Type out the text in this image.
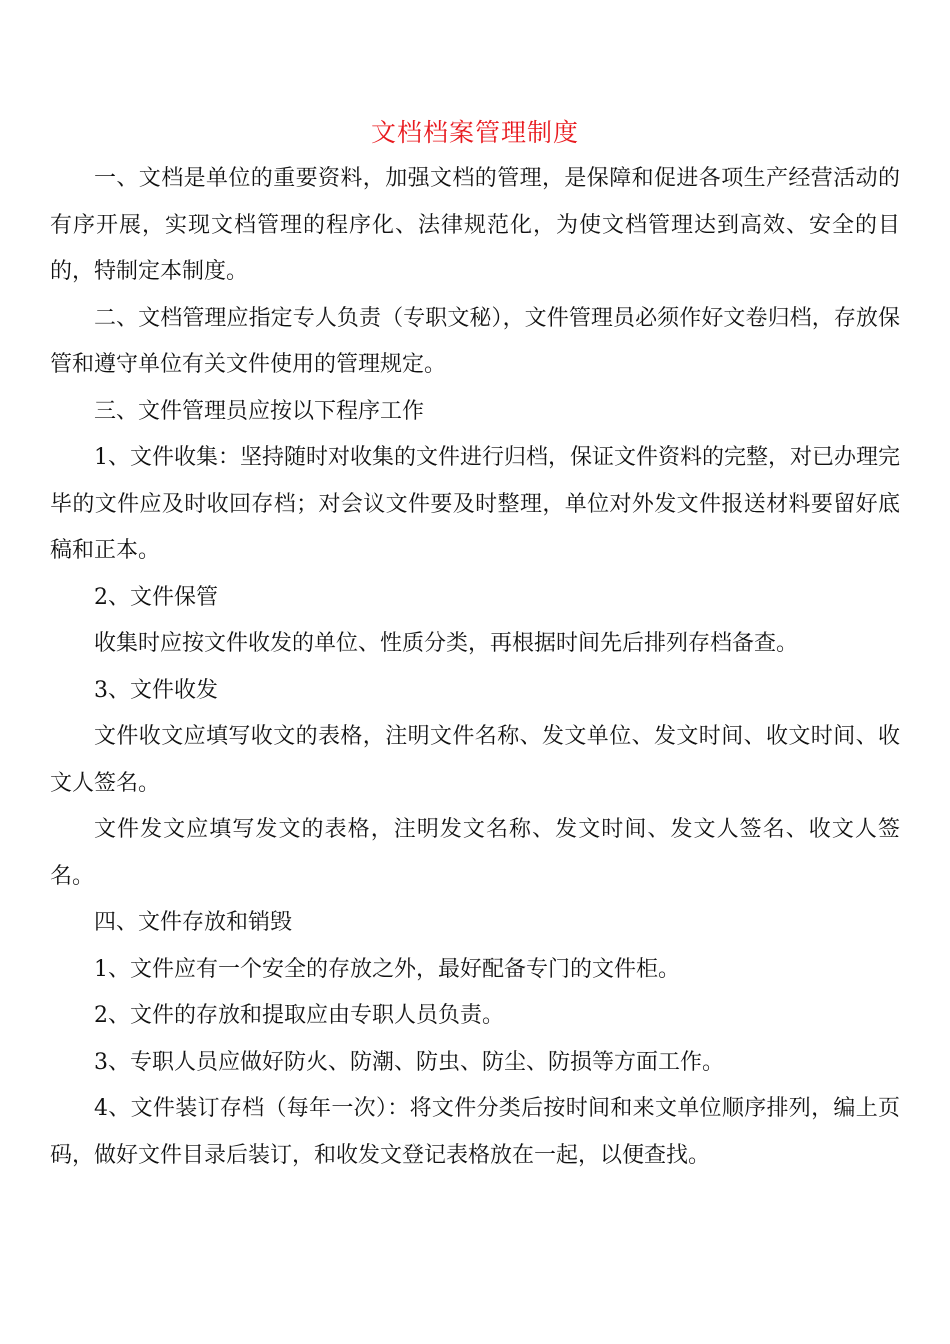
文档档案管理制度

一、文档是单位的重要资料，加强文档的管理，是保障和促进各项生产经营活动的有序开展，实现文档管理的程序化、法律规范化，为使文档管理达到高效、安全的目的，特制定本制度。

二、文档管理应指定专人负责（专职文秘），文件管理员必须作好文卷归档，存放保管和遵守单位有关文件使用的管理规定。

三、文件管理员应按以下程序工作

1、文件收集：坚持随时对收集的文件进行归档，保证文件资料的完整，对已办理完毕的文件应及时收回存档；对会议文件要及时整理，单位对外发文件报送材料要留好底稿和正本。

2、文件保管

收集时应按文件收发的单位、性质分类，再根据时间先后排列存档备查。

3、文件收发

文件收文应填写收文的表格，注明文件名称、发文单位、发文时间、收文时间、收文人签名。

文件发文应填写发文的表格，注明发文名称、发文时间、发文人签名、收文人签名。

四、文件存放和销毁

1、文件应有一个安全的存放之外，最好配备专门的文件柜。

2、文件的存放和提取应由专职人员负责。

3、专职人员应做好防火、防潮、防虫、防尘、防损等方面工作。

4、文件装订存档（每年一次）：将文件分类后按时间和来文单位顺序排列，编上页码，做好文件目录后装订，和收发文登记表格放在一起，以便查找。
